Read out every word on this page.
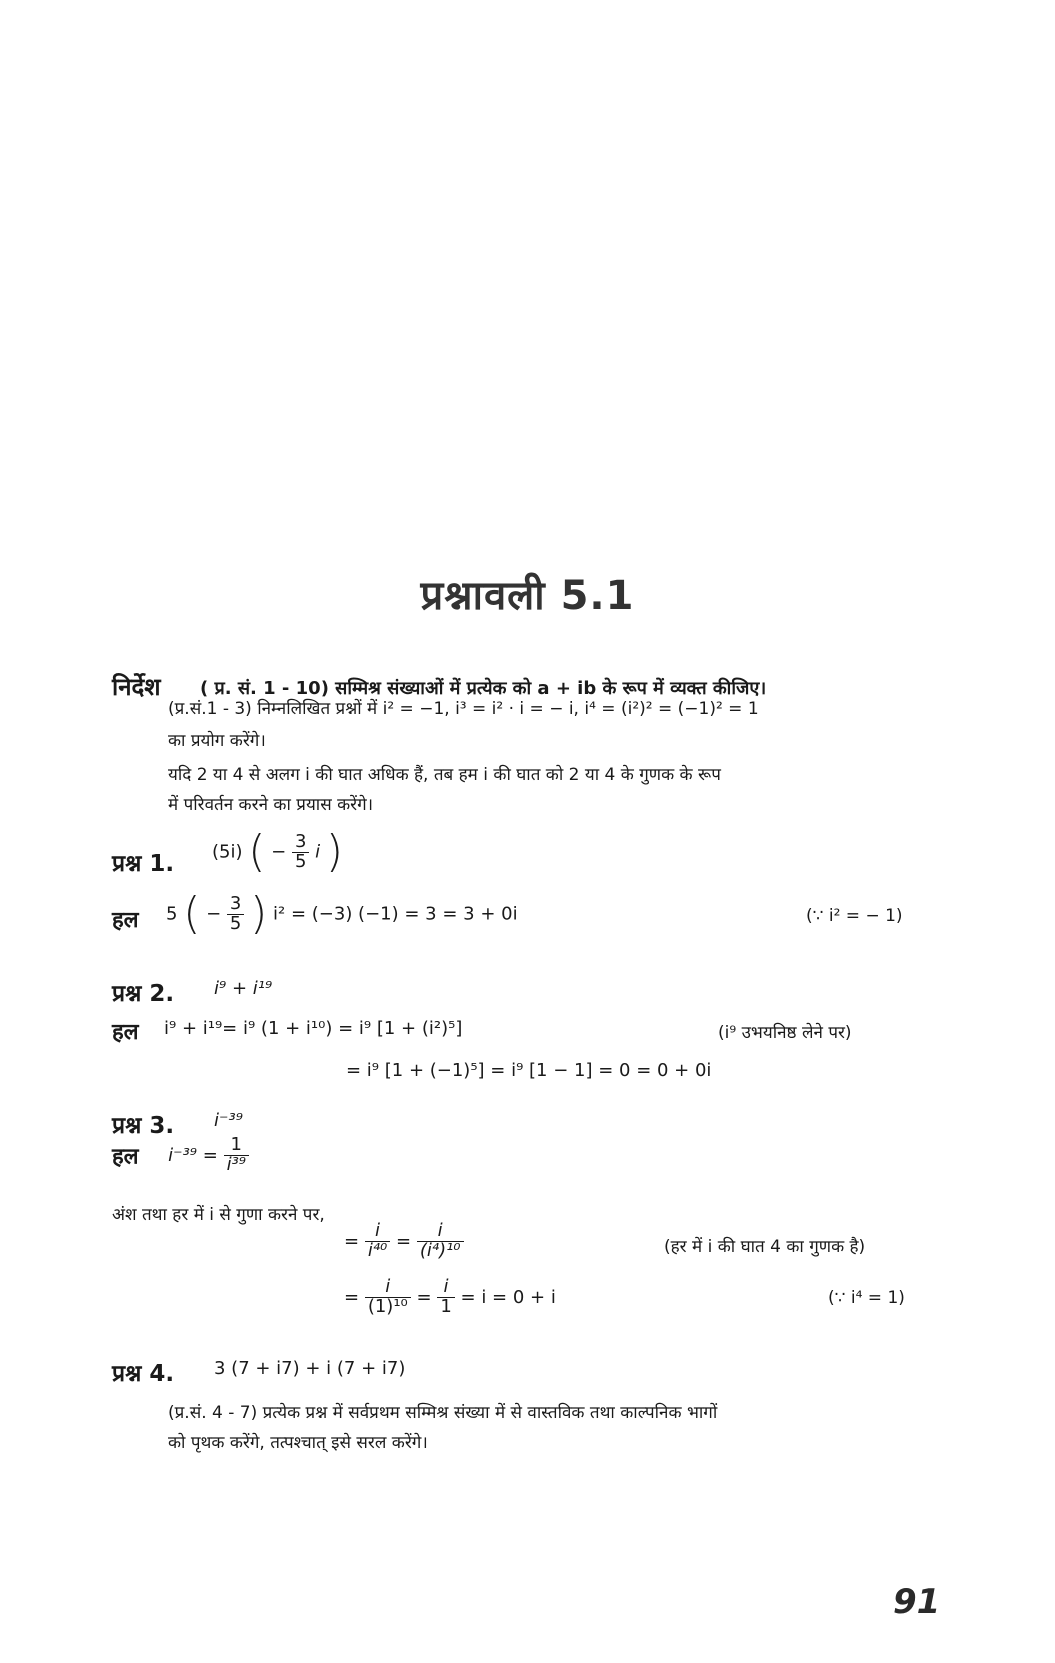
प्रश्नावली 5.1
निर्देश ( प्र. सं. 1 - 10) सम्मिश्र संख्याओं में प्रत्येक को a + ib के रूप में व्यक्त कीजिए।
(प्र.सं.1 - 3) निम्नलिखित प्रश्नों में i² = −1, i³ = i² · i = − i, i⁴ = (i²)² = (−1)² = 1
का प्रयोग करेंगे।
यदि 2 या 4 से अलग i की घात अधिक हैं, तब हम i की घात को 2 या 4 के गुणक के रूप
में परिवर्तन करने का प्रयास करेंगे।
प्रश्न 1. (5i) ( − $\frac{3}{5}$ i )
हल 5 ( − $\frac{3}{5}$ ) i² = (−3) (−1) = 3 = 3 + 0i	(∵ i² = − 1)
प्रश्न 2. i⁹ + i¹⁹
हल i⁹ + i¹⁹= i⁹ (1 + i¹⁰) = i⁹ [1 + (i²)⁵]	(i⁹ उभयनिष्ठ लेने पर)
= i⁹ [1 + (−1)⁵] = i⁹ [1 − 1] = 0 = 0 + 0i
प्रश्न 3. i⁻³⁹
हल $i^{-39} = \frac{1}{\text{i³⁹}}$
अंश तथा हर में i से गुणा करने पर,
= $\frac{i}{\text{i⁴⁰}} = \frac{i}{\text{(i⁴)¹⁰}}$	(हर में i की घात 4 का गुणक है)
= $\frac{i}{\text{(1)¹⁰}} = \frac{i}{1} = i = 0 + i$	(∵ i⁴ = 1)
प्रश्न 4. 3 (7 + i7) + i (7 + i7)
(प्र.सं. 4 - 7) प्रत्येक प्रश्न में सर्वप्रथम सम्मिश्र संख्या में से वास्तविक तथा काल्पनिक भागों
को पृथक करेंगे, तत्पश्चात् इसे सरल करेंगे।
91
